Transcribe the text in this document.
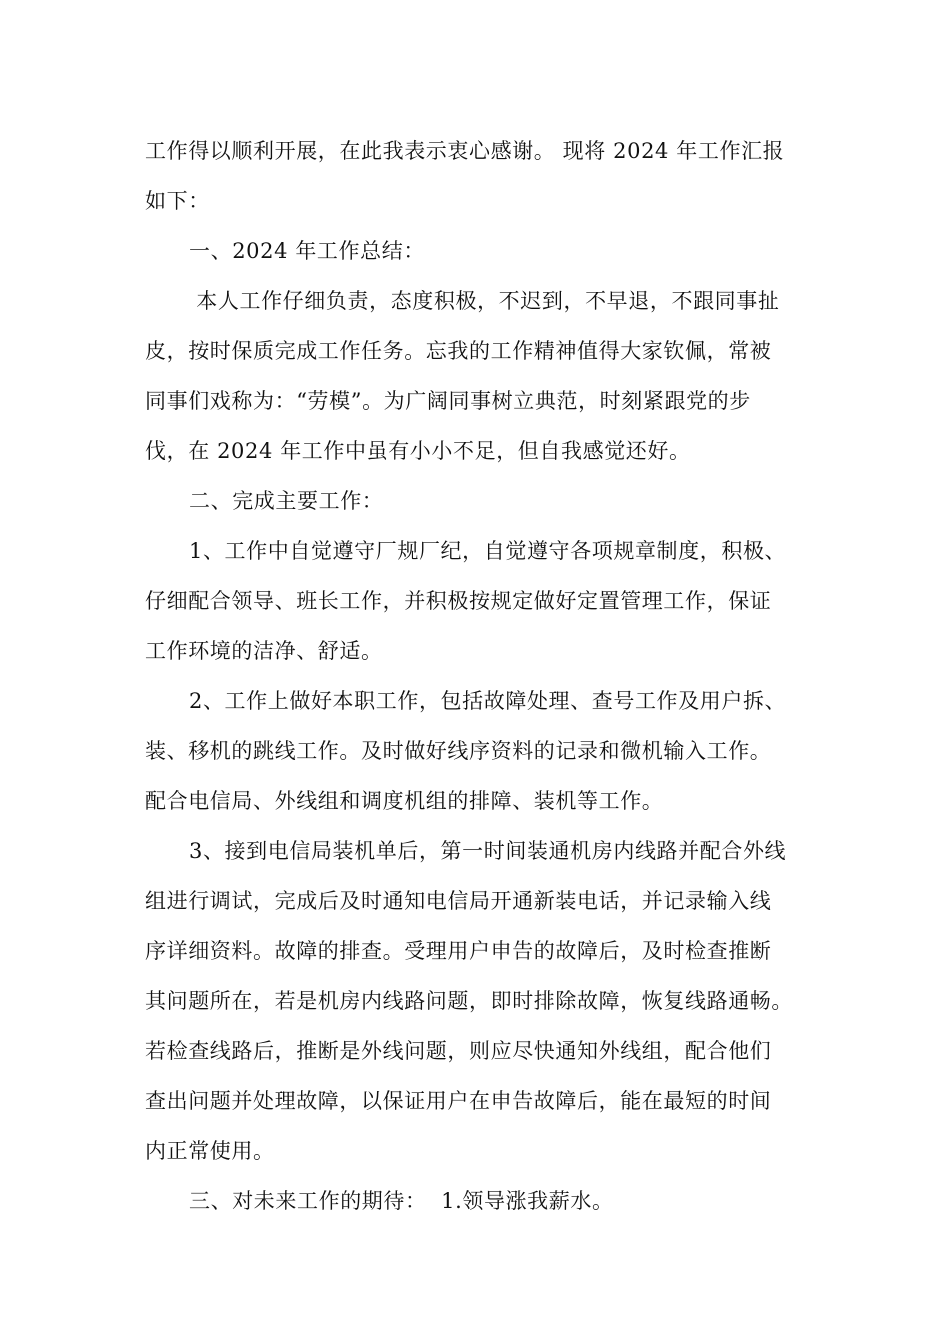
工作得以顺利开展，在此我表示衷心感谢。 现将 2024 年工作汇报
如下：
一、2024 年工作总结：
本人工作仔细负责，态度积极，不迟到，不早退，不跟同事扯
皮，按时保质完成工作任务。忘我的工作精神值得大家钦佩，常被
同事们戏称为：“劳模”。为广阔同事树立典范，时刻紧跟党的步
伐，在 2024 年工作中虽有小小不足，但自我感觉还好。
二、完成主要工作：
1、工作中自觉遵守厂规厂纪，自觉遵守各项规章制度，积极、
仔细配合领导、班长工作，并积极按规定做好定置管理工作，保证
工作环境的洁净、舒适。
2、工作上做好本职工作，包括故障处理、查号工作及用户拆、
装、移机的跳线工作。及时做好线序资料的记录和微机输入工作。
配合电信局、外线组和调度机组的排障、装机等工作。
3、接到电信局装机单后，第一时间装通机房内线路并配合外线
组进行调试，完成后及时通知电信局开通新装电话，并记录输入线
序详细资料。故障的排查。受理用户申告的故障后，及时检查推断
其问题所在，若是机房内线路问题，即时排除故障，恢复线路通畅。
若检查线路后，推断是外线问题，则应尽快通知外线组，配合他们
查出问题并处理故障，以保证用户在申告故障后，能在最短的时间
内正常使用。
三、对未来工作的期待：  1.领导涨我薪水。
